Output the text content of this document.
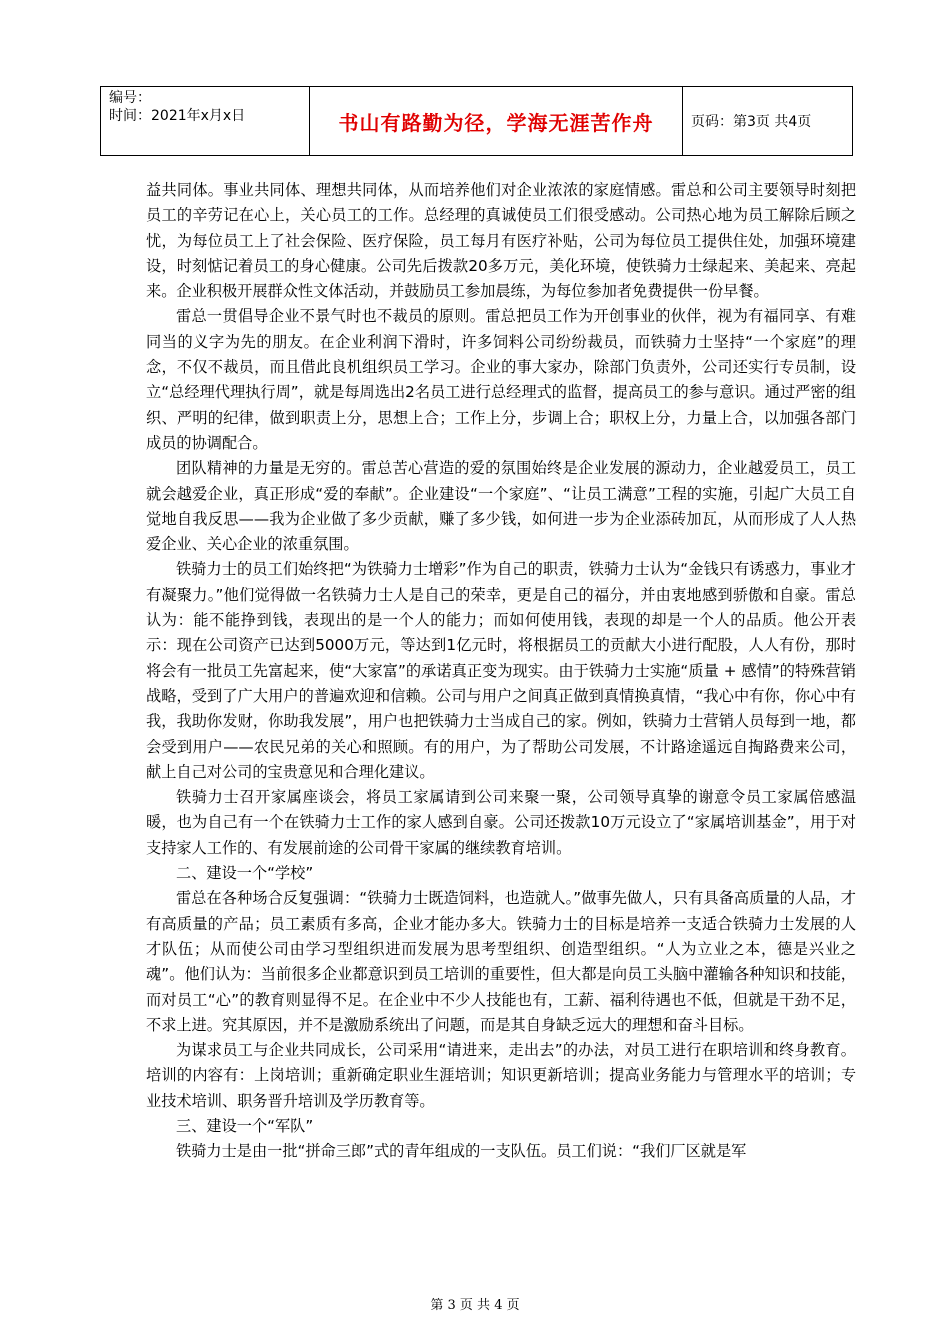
编号：
时间：2021年x月x日	书山有路勤为径，学海无涯苦作舟	页码：第3页 共4页

益共同体。事业共同体、理想共同体，从而培养他们对企业浓浓的家庭情感。雷总和公司主要领导时刻把员工的辛劳记在心上，关心员工的工作。总经理的真诚使员工们很受感动。公司热心地为员工解除后顾之忧，为每位员工上了社会保险、医疗保险，员工每月有医疗补贴，公司为每位员工提供住处，加强环境建设，时刻惦记着员工的身心健康。公司先后拨款20多万元，美化环境，使铁骑力士绿起来、美起来、亮起来。企业积极开展群众性文体活动，并鼓励员工参加晨练，为每位参加者免费提供一份早餐。

雷总一贯倡导企业不景气时也不裁员的原则。雷总把员工作为开创事业的伙伴，视为有福同享、有难同当的义字为先的朋友。在企业利润下滑时，许多饲料公司纷纷裁员，而铁骑力士坚持“一个家庭”的理念，不仅不裁员，而且借此良机组织员工学习。企业的事大家办，除部门负责外，公司还实行专员制，设立“总经理代理执行周”，就是每周选出2名员工进行总经理式的监督，提高员工的参与意识。通过严密的组织、严明的纪律，做到职责上分，思想上合；工作上分，步调上合；职权上分，力量上合，以加强各部门成员的协调配合。

团队精神的力量是无穷的。雷总苦心营造的爱的氛围始终是企业发展的源动力，企业越爱员工，员工就会越爱企业，真正形成“爱的奉献”。企业建设“一个家庭”、“让员工满意”工程的实施，引起广大员工自觉地自我反思——我为企业做了多少贡献，赚了多少钱，如何进一步为企业添砖加瓦，从而形成了人人热爱企业、关心企业的浓重氛围。

铁骑力士的员工们始终把“为铁骑力士增彩”作为自己的职责，铁骑力士认为“金钱只有诱惑力，事业才有凝聚力。”他们觉得做一名铁骑力士人是自己的荣幸，更是自己的福分，并由衷地感到骄傲和自豪。雷总认为：能不能挣到钱，表现出的是一个人的能力；而如何使用钱，表现的却是一个人的品质。他公开表示：现在公司资产已达到5000万元，等达到1亿元时，将根据员工的贡献大小进行配股，人人有份，那时将会有一批员工先富起来，使“大家富”的承诺真正变为现实。由于铁骑力士实施“质量 + 感情”的特殊营销战略，受到了广大用户的普遍欢迎和信赖。公司与用户之间真正做到真情换真情，“我心中有你，你心中有我，我助你发财，你助我发展”，用户也把铁骑力士当成自己的家。例如，铁骑力士营销人员每到一地，都会受到用户——农民兄弟的关心和照顾。有的用户，为了帮助公司发展，不计路途遥远自掏路费来公司，献上自己对公司的宝贵意见和合理化建议。

铁骑力士召开家属座谈会，将员工家属请到公司来聚一聚，公司领导真挚的谢意令员工家属倍感温暖，也为自己有一个在铁骑力士工作的家人感到自豪。公司还拨款10万元设立了“家属培训基金”，用于对支持家人工作的、有发展前途的公司骨干家属的继续教育培训。

二、建设一个“学校”

雷总在各种场合反复强调：“铁骑力士既造饲料，也造就人。”做事先做人，只有具备高质量的人品，才有高质量的产品；员工素质有多高，企业才能办多大。铁骑力士的目标是培养一支适合铁骑力士发展的人才队伍；从而使公司由学习型组织进而发展为思考型组织、创造型组织。“人为立业之本，德是兴业之魂”。他们认为：当前很多企业都意识到员工培训的重要性，但大都是向员工头脑中灌输各种知识和技能，而对员工“心”的教育则显得不足。在企业中不少人技能也有，工薪、福利待遇也不低，但就是干劲不足，不求上进。究其原因，并不是激励系统出了问题，而是其自身缺乏远大的理想和奋斗目标。

为谋求员工与企业共同成长，公司采用“请进来，走出去”的办法，对员工进行在职培训和终身教育。培训的内容有：上岗培训；重新确定职业生涯培训；知识更新培训；提高业务能力与管理水平的培训；专业技术培训、职务晋升培训及学历教育等。

三、建设一个“军队”

铁骑力士是由一批“拼命三郎”式的青年组成的一支队伍。员工们说：“我们厂区就是军

第 3 页 共 4 页
